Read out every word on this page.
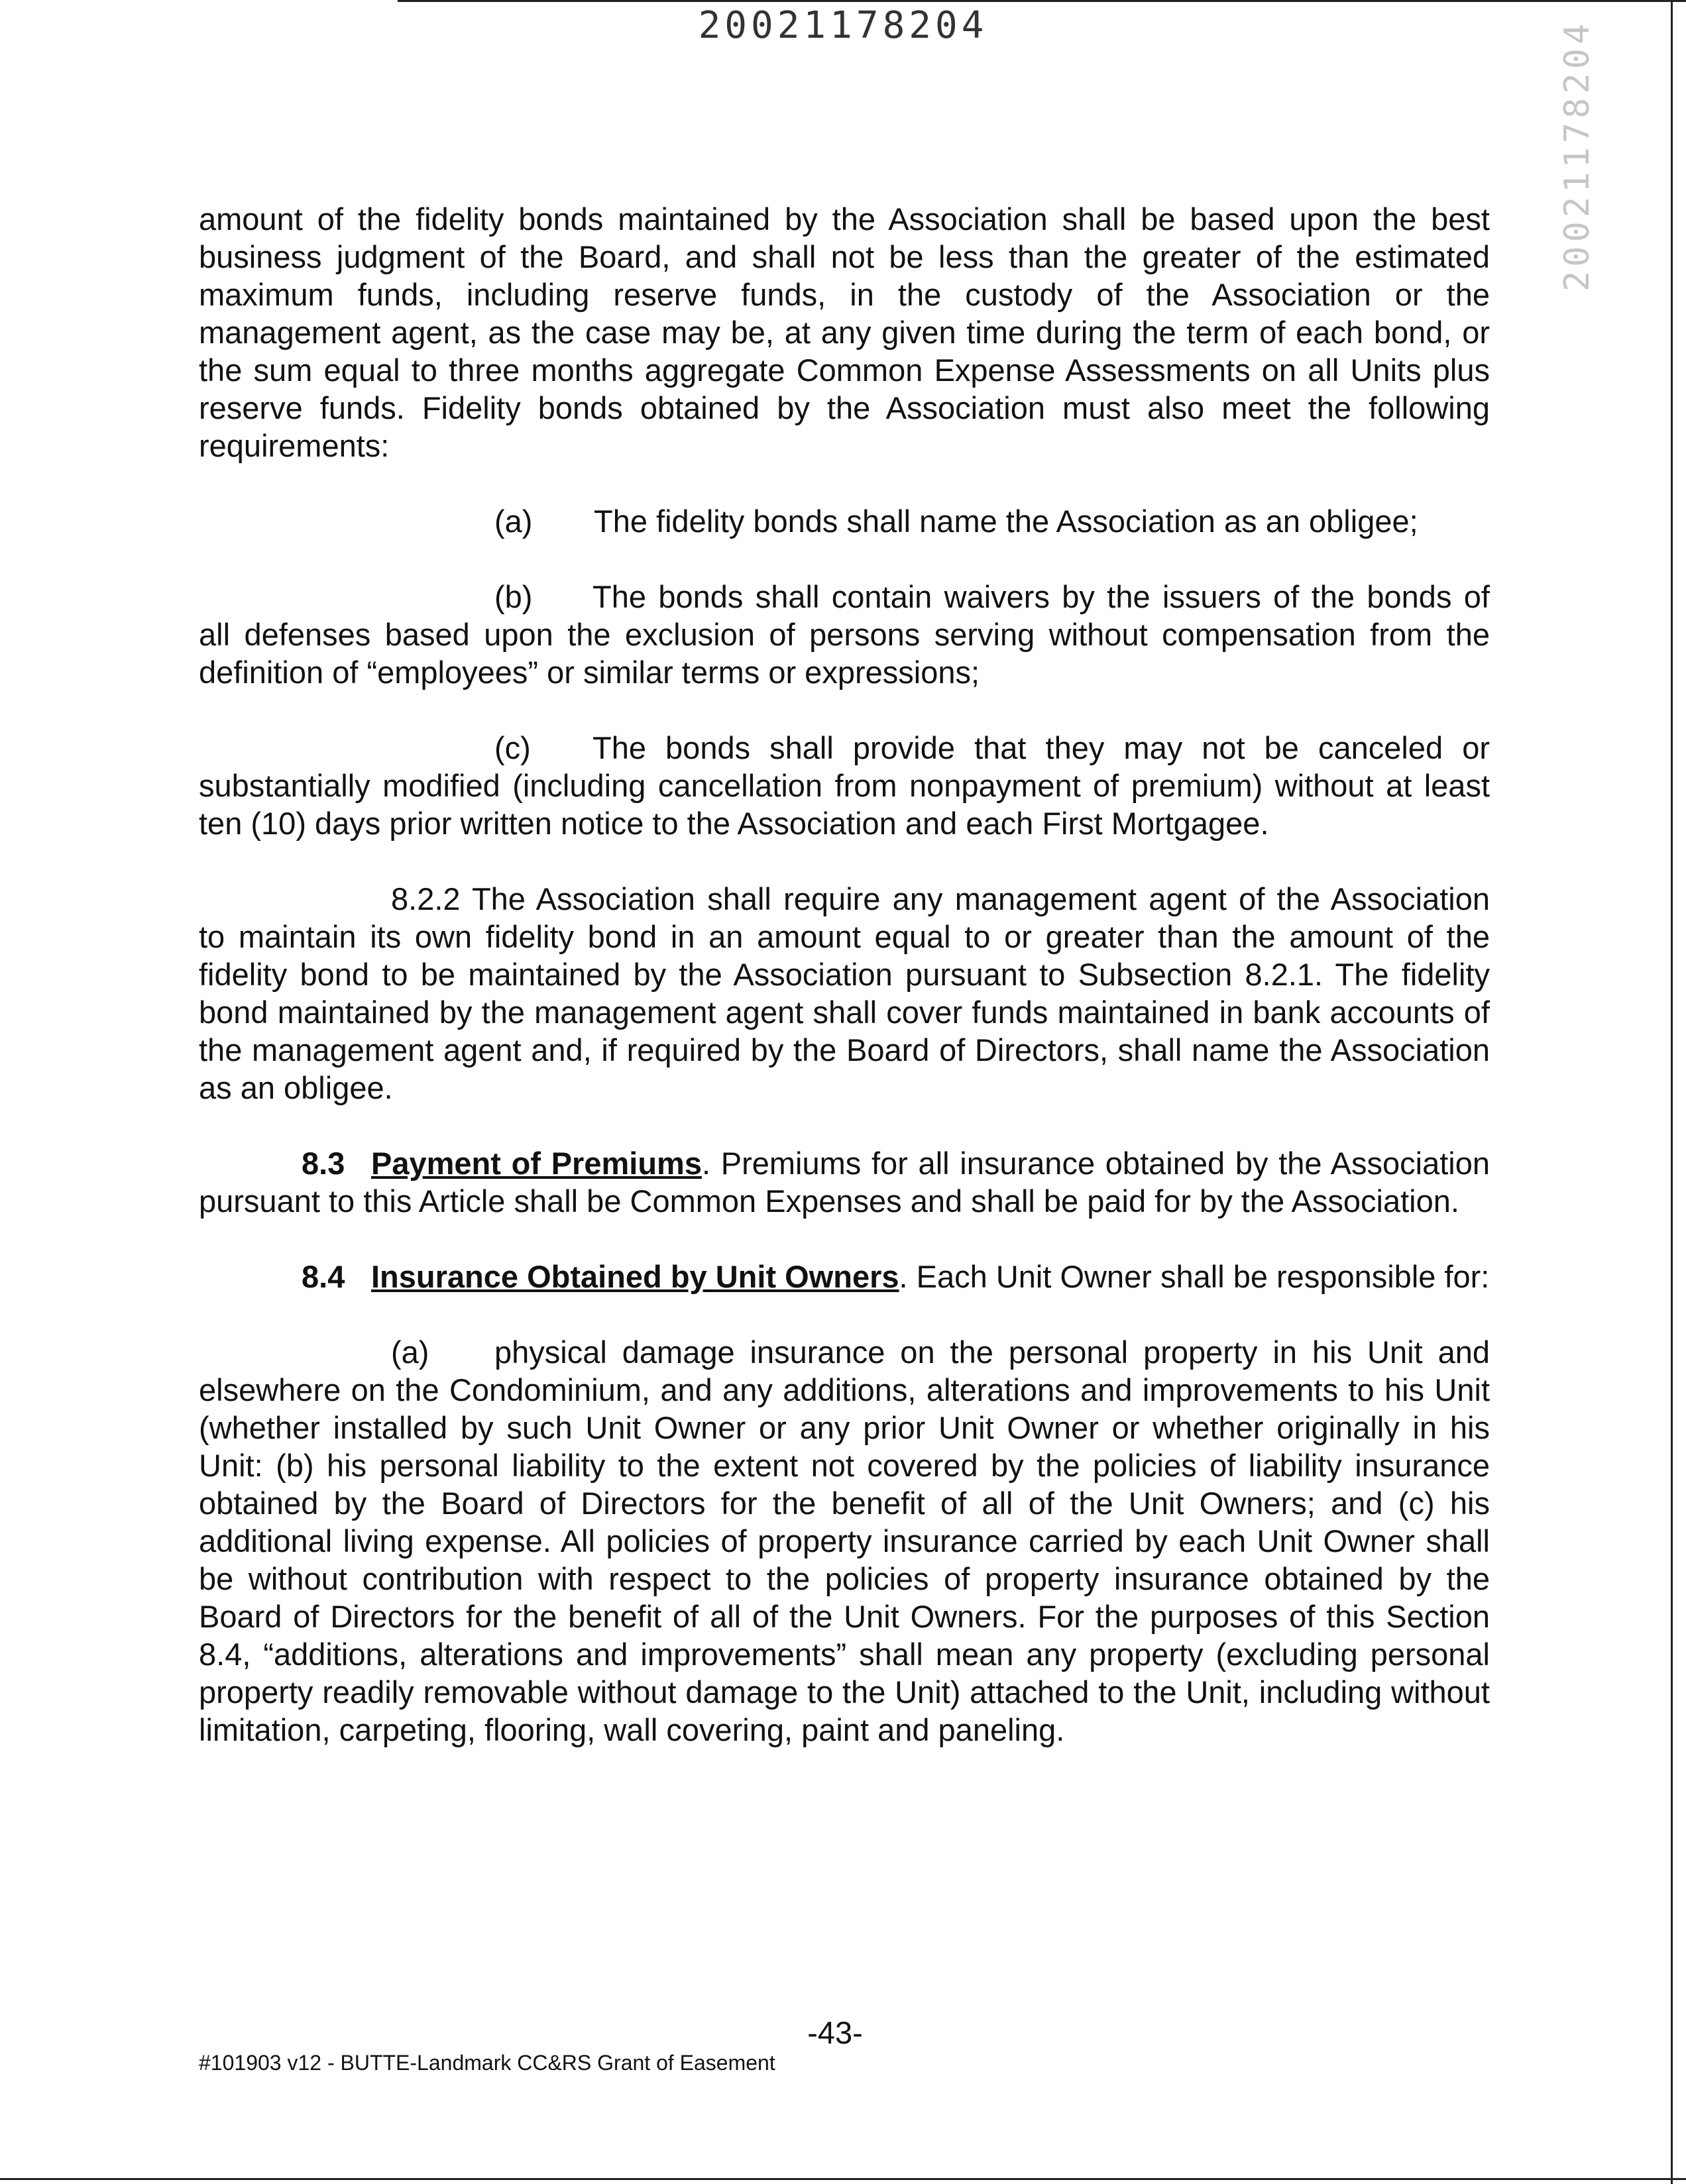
20021178204	20021178204

amount of the fidelity bonds maintained by the Association shall be based upon the best business judgment of the Board, and shall not be less than the greater of the estimated maximum funds, including reserve funds, in the custody of the Association or the management agent, as the case may be, at any given time during the term of each bond, or the sum equal to three months aggregate Common Expense Assessments on all Units plus reserve funds. Fidelity bonds obtained by the Association must also meet the following requirements:

(a) The fidelity bonds shall name the Association as an obligee;

(b) The bonds shall contain waivers by the issuers of the bonds of all defenses based upon the exclusion of persons serving without compensation from the definition of “employees” or similar terms or expressions;

(c) The bonds shall provide that they may not be canceled or substantially modified (including cancellation from nonpayment of premium) without at least ten (10) days prior written notice to the Association and each First Mortgagee.

8.2.2 The Association shall require any management agent of the Association to maintain its own fidelity bond in an amount equal to or greater than the amount of the fidelity bond to be maintained by the Association pursuant to Subsection 8.2.1. The fidelity bond maintained by the management agent shall cover funds maintained in bank accounts of the management agent and, if required by the Board of Directors, shall name the Association as an obligee.

8.3 Payment of Premiums. Premiums for all insurance obtained by the Association pursuant to this Article shall be Common Expenses and shall be paid for by the Association.

8.4 Insurance Obtained by Unit Owners. Each Unit Owner shall be responsible for:

(a) physical damage insurance on the personal property in his Unit and elsewhere on the Condominium, and any additions, alterations and improvements to his Unit (whether installed by such Unit Owner or any prior Unit Owner or whether originally in his Unit: (b) his personal liability to the extent not covered by the policies of liability insurance obtained by the Board of Directors for the benefit of all of the Unit Owners; and (c) his additional living expense. All policies of property insurance carried by each Unit Owner shall be without contribution with respect to the policies of property insurance obtained by the Board of Directors for the benefit of all of the Unit Owners. For the purposes of this Section 8.4, “additions, alterations and improvements” shall mean any property (excluding personal property readily removable without damage to the Unit) attached to the Unit, including without limitation, carpeting, flooring, wall covering, paint and paneling.

-43-
#101903 v12 - BUTTE-Landmark CC&RS Grant of Easement
